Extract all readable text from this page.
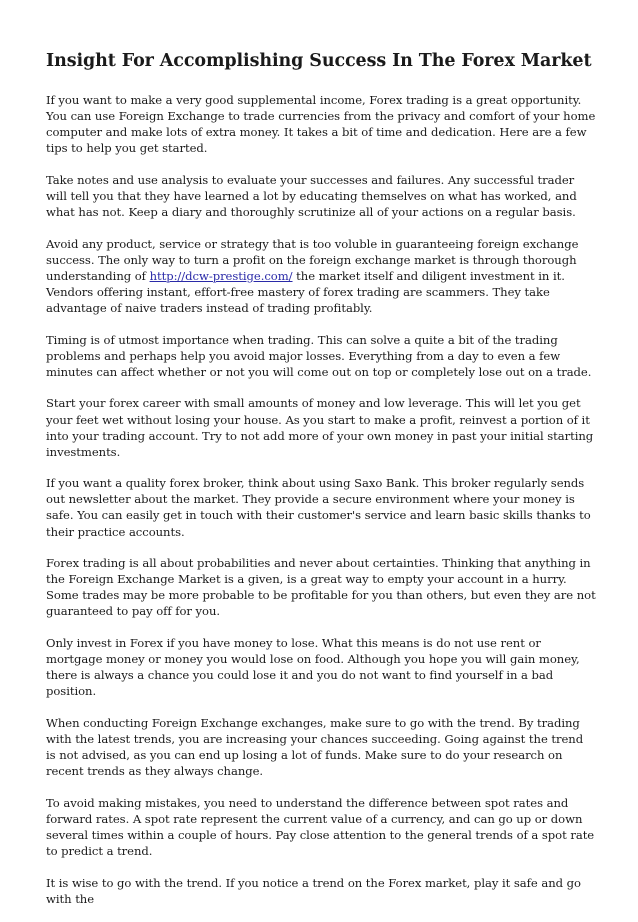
Insight For Accomplishing Success In The Forex Market

If you want to make a very good supplemental income, Forex trading is a great opportunity. You can use Foreign Exchange to trade currencies from the privacy and comfort of your home computer and make lots of extra money. It takes a bit of time and dedication. Here are a few tips to help you get started.

Take notes and use analysis to evaluate your successes and failures. Any successful trader will tell you that they have learned a lot by educating themselves on what has worked, and what has not. Keep a diary and thoroughly scrutinize all of your actions on a regular basis.

Avoid any product, service or strategy that is too voluble in guaranteeing foreign exchange success. The only way to turn a profit on the foreign exchange market is through thorough understanding of http://dcw-prestige.com/ the market itself and diligent investment in it. Vendors offering instant, effort-free mastery of forex trading are scammers. They take advantage of naive traders instead of trading profitably.

Timing is of utmost importance when trading. This can solve a quite a bit of the trading problems and perhaps help you avoid major losses. Everything from a day to even a few minutes can affect whether or not you will come out on top or completely lose out on a trade.

Start your forex career with small amounts of money and low leverage. This will let you get your feet wet without losing your house. As you start to make a profit, reinvest a portion of it into your trading account. Try to not add more of your own money in past your initial starting investments.

If you want a quality forex broker, think about using Saxo Bank. This broker regularly sends out newsletter about the market. They provide a secure environment where your money is safe. You can easily get in touch with their customer's service and learn basic skills thanks to their practice accounts.

Forex trading is all about probabilities and never about certainties. Thinking that anything in the Foreign Exchange Market is a given, is a great way to empty your account in a hurry. Some trades may be more probable to be profitable for you than others, but even they are not guaranteed to pay off for you.

Only invest in Forex if you have money to lose. What this means is do not use rent or mortgage money or money you would lose on food. Although you hope you will gain money, there is always a chance you could lose it and you do not want to find yourself in a bad position.

When conducting Foreign Exchange exchanges, make sure to go with the trend. By trading with the latest trends, you are increasing your chances succeeding. Going against the trend is not advised, as you can end up losing a lot of funds. Make sure to do your research on recent trends as they always change.

To avoid making mistakes, you need to understand the difference between spot rates and forward rates. A spot rate represent the current value of a currency, and can go up or down several times within a couple of hours. Pay close attention to the general trends of a spot rate to predict a trend.

It is wise to go with the trend. If you notice a trend on the Forex market, play it safe and go with the
